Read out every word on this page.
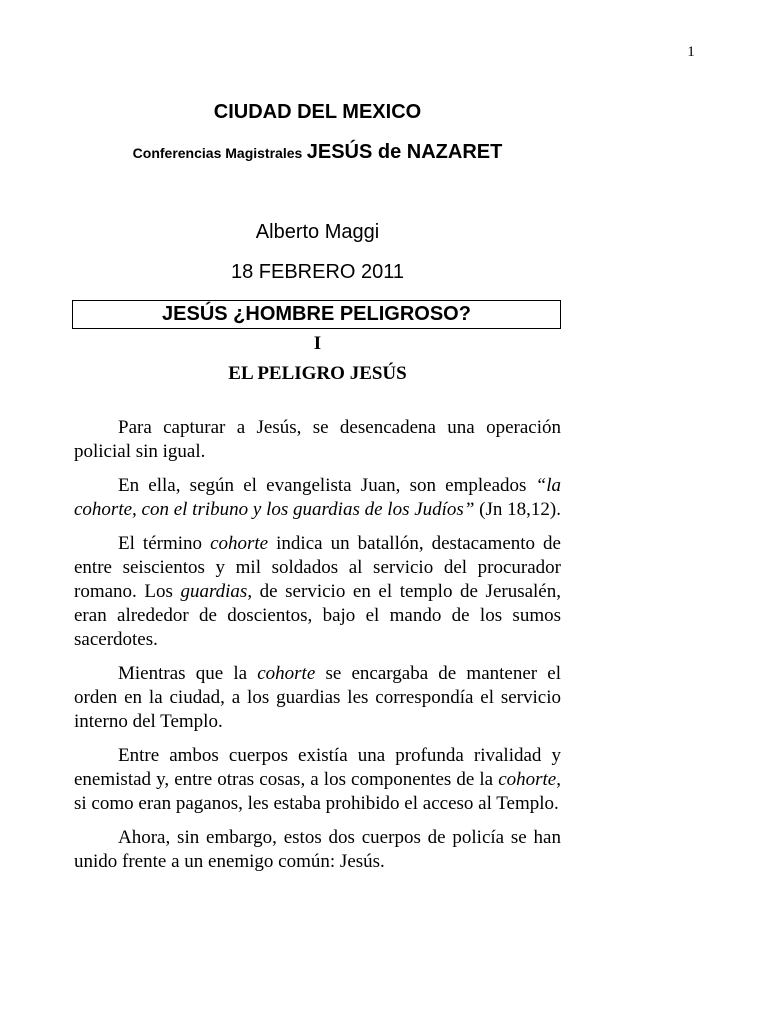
1
CIUDAD DEL MEXICO
Conferencias Magistrales JESÚS de NAZARET
Alberto Maggi
18 FEBRERO 2011
JESÚS ¿HOMBRE PELIGROSO?
I
EL PELIGRO JESÚS

Para capturar a Jesús, se desencadena una operación policial sin igual.

En ella, según el evangelista Juan, son empleados “la cohorte, con el tribuno y los guardias de los Judíos” (Jn 18,12).

El término cohorte indica un batallón, destacamento de entre seiscientos y mil soldados al servicio del procurador romano. Los guardias, de servicio en el templo de Jerusalén, eran alrededor de doscientos, bajo el mando de los sumos sacerdotes.

Mientras que la cohorte se encargaba de mantener el orden en la ciudad, a los guardias les correspondía el servicio interno del Templo.

Entre ambos cuerpos existía una profunda rivalidad y enemistad y, entre otras cosas, a los componentes de la cohorte, si como eran paganos, les estaba prohibido el acceso al Templo.

Ahora, sin embargo, estos dos cuerpos de policía se han unido frente a un enemigo común: Jesús.
